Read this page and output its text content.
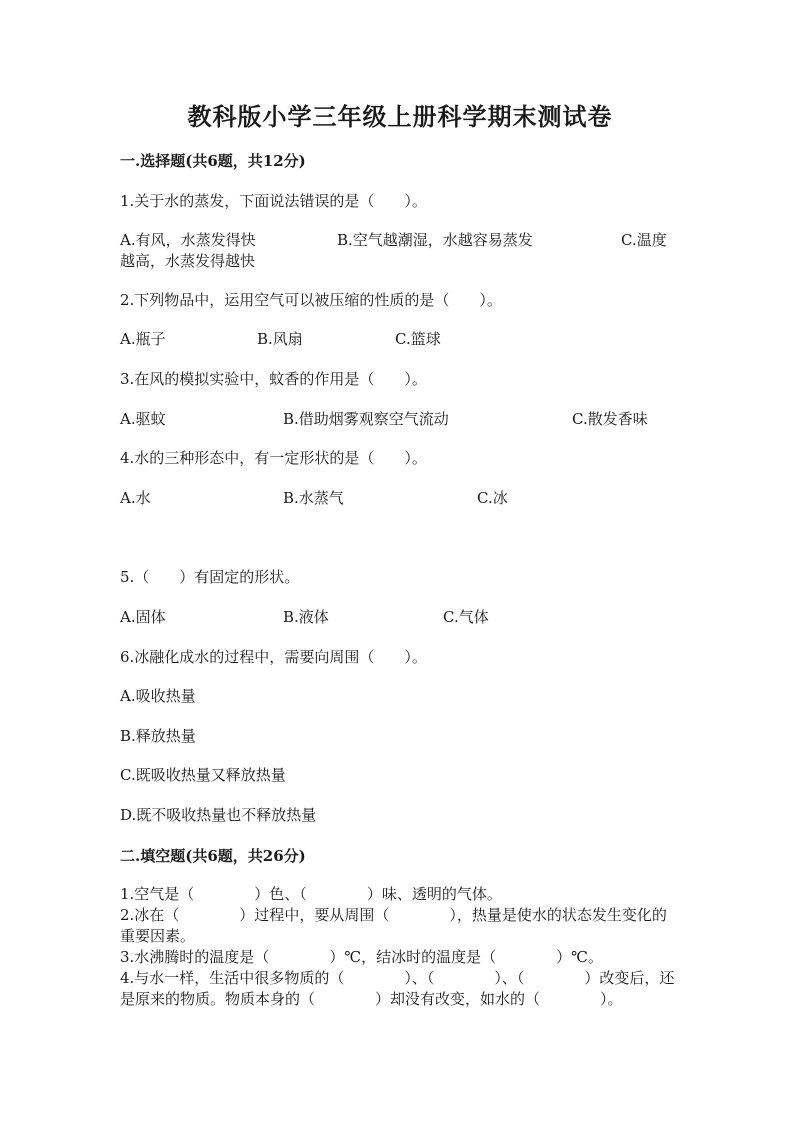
教科版小学三年级上册科学期末测试卷
一.选择题(共6题，共12分)
1.关于水的蒸发，下面说法错误的是（　　）。
A.有风，水蒸发得快	B.空气越潮湿，水越容易蒸发	C.温度
越高，水蒸发得越快
2.下列物品中，运用空气可以被压缩的性质的是（　　）。
A.瓶子	B.风扇	C.篮球
3.在风的模拟实验中，蚊香的作用是（　　）。
A.驱蚊	B.借助烟雾观察空气流动	C.散发香味
4.水的三种形态中，有一定形状的是（　　）。
A.水	B.水蒸气	C.冰
5.（　　）有固定的形状。
A.固体	B.液体	C.气体
6.冰融化成水的过程中，需要向周围（　　）。
A.吸收热量
B.释放热量
C.既吸收热量又释放热量
D.既不吸收热量也不释放热量
二.填空题(共6题，共26分)
1.空气是（　　　　）色、（　　　　）味、透明的气体。
2.冰在（　　　　）过程中，要从周围（　　　　），热量是使水的状态发生变化的重要因素。
3.水沸腾时的温度是（　　　　）℃，结冰时的温度是（　　　　）℃。
4.与水一样，生活中很多物质的（　　　　）、（　　　　）、（　　　　）改变后，还是原来的物质。物质本身的（　　　　）却没有改变，如水的（　　　　）。
